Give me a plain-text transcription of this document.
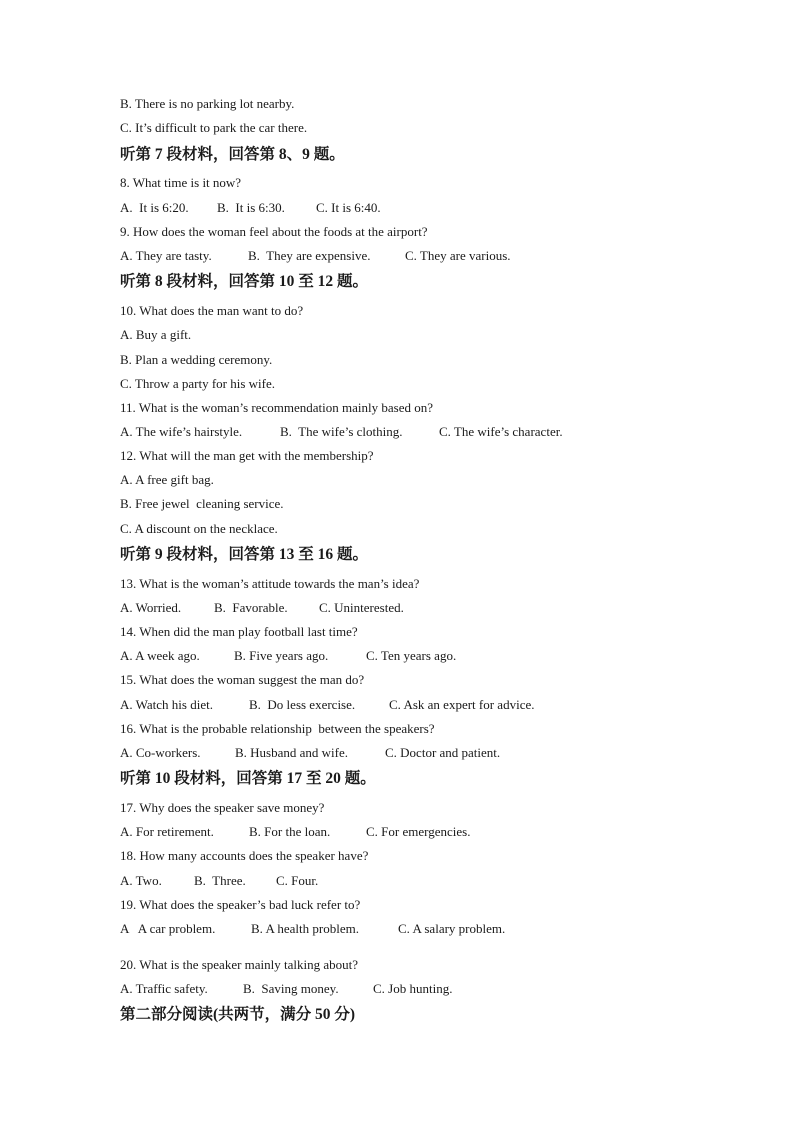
B. There is no parking lot nearby.
C. It’s difficult to park the car there.
听第 7 段材料，回答第 8、9 题。
8. What time is it now?
A.  It is 6:20. B.  It is 6:30. C. It is 6:40.
9. How does the woman feel about the foods at the airport?
A. They are tasty.	B.  They are expensive.	C. They are various.
听第 8 段材料，回答第 10 至 12 题。
10. What does the man want to do?
A. Buy a gift.
B. Plan a wedding ceremony.
C. Throw a party for his wife.
11. What is the woman’s recommendation mainly based on?
A. The wife’s hairstyle.	B.  The wife’s clothing.	C. The wife’s character.
12. What will the man get with the membership?
A. A free gift bag.
B. Free jewel  cleaning service.
C. A discount on the necklace.
听第 9 段材料，回答第 13 至 16 题。
13. What is the woman’s attitude towards the man’s idea?
A. Worried.	B.  Favorable. C. Uninterested.
14. When did the man play football last time?
A. A week ago.	B. Five years ago.	C. Ten years ago.
15. What does the woman suggest the man do?
A. Watch his diet.	B.  Do less exercise.	C. Ask an expert for advice.
16. What is the probable relationship  between the speakers?
A. Co-workers.	B. Husband and wife.	C. Doctor and patient.
听第 10 段材料，回答第 17 至 20 题。
17. Why does the speaker save money?
A. For retirement.	B. For the loan.	C. For emergencies.
18. How many accounts does the speaker have?
A. Two. B.  Three. C. Four.
19. What does the speaker’s bad luck refer to?
A   A car problem.	B. A health problem.	C. A salary problem.
20. What is the speaker mainly talking about?
A. Traffic safety.	B.  Saving money.	C. Job hunting.
第二部分阅读(共两节，满分 50 分)
